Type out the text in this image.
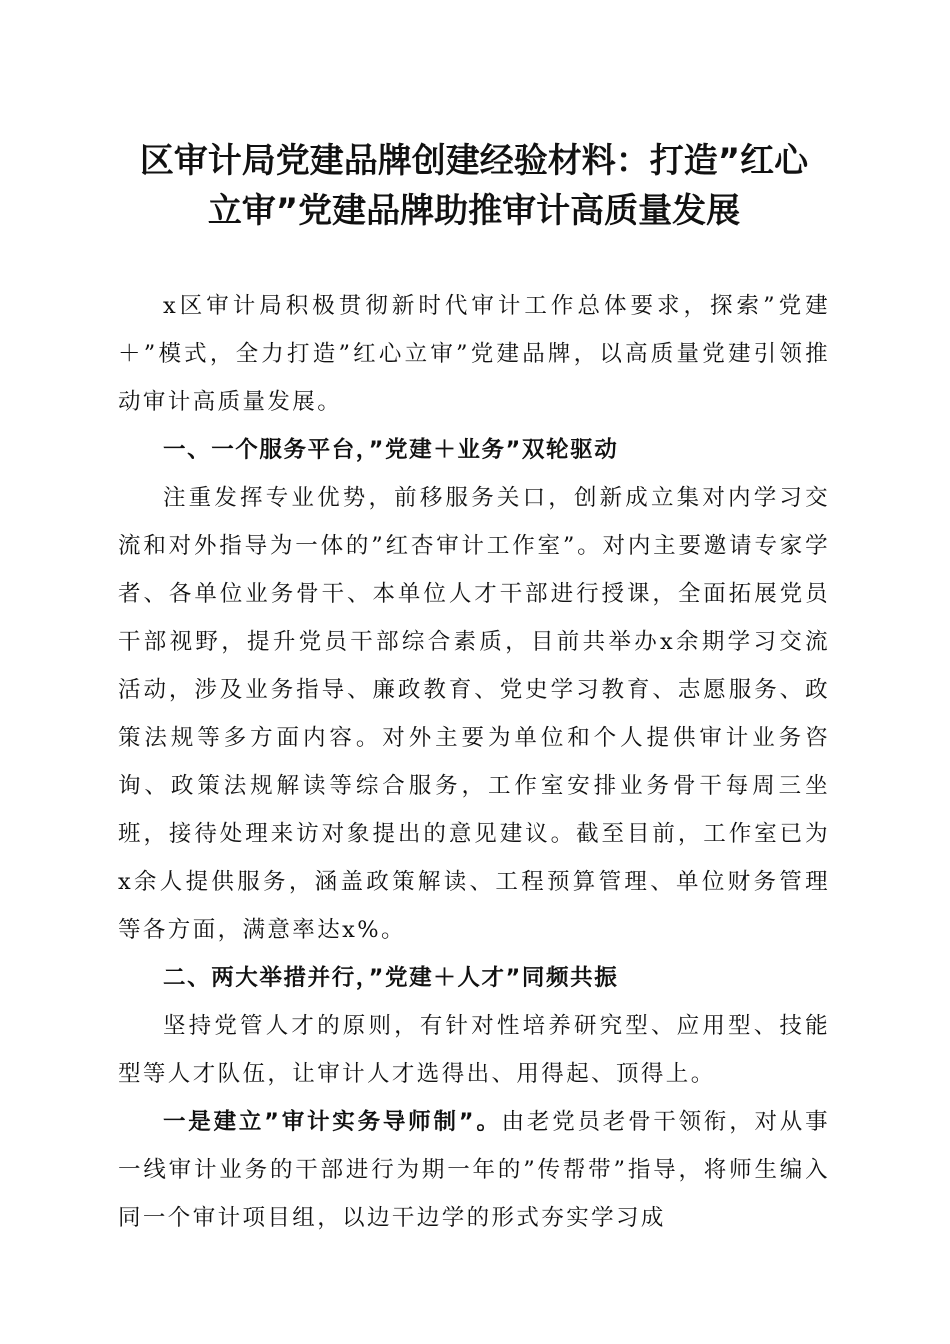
区审计局党建品牌创建经验材料：打造”红心
立审”党建品牌助推审计高质量发展

x区审计局积极贯彻新时代审计工作总体要求，探索”党建＋”模式，全力打造”红心立审”党建品牌，以高质量党建引领推动审计高质量发展。

一、一个服务平台，”党建＋业务”双轮驱动

注重发挥专业优势，前移服务关口，创新成立集对内学习交流和对外指导为一体的”红杏审计工作室”。对内主要邀请专家学者、各单位业务骨干、本单位人才干部进行授课，全面拓展党员干部视野，提升党员干部综合素质，目前共举办x余期学习交流活动，涉及业务指导、廉政教育、党史学习教育、志愿服务、政策法规等多方面内容。对外主要为单位和个人提供审计业务咨询、政策法规解读等综合服务，工作室安排业务骨干每周三坐班，接待处理来访对象提出的意见建议。截至目前，工作室已为x余人提供服务，涵盖政策解读、工程预算管理、单位财务管理等各方面，满意率达x%。

二、两大举措并行，”党建＋人才”同频共振

坚持党管人才的原则，有针对性培养研究型、应用型、技能型等人才队伍，让审计人才选得出、用得起、顶得上。

一是建立”审计实务导师制”。由老党员老骨干领衔，对从事一线审计业务的干部进行为期一年的”传帮带”指导，将师生编入同一个审计项目组，以边干边学的形式夯实学习成
